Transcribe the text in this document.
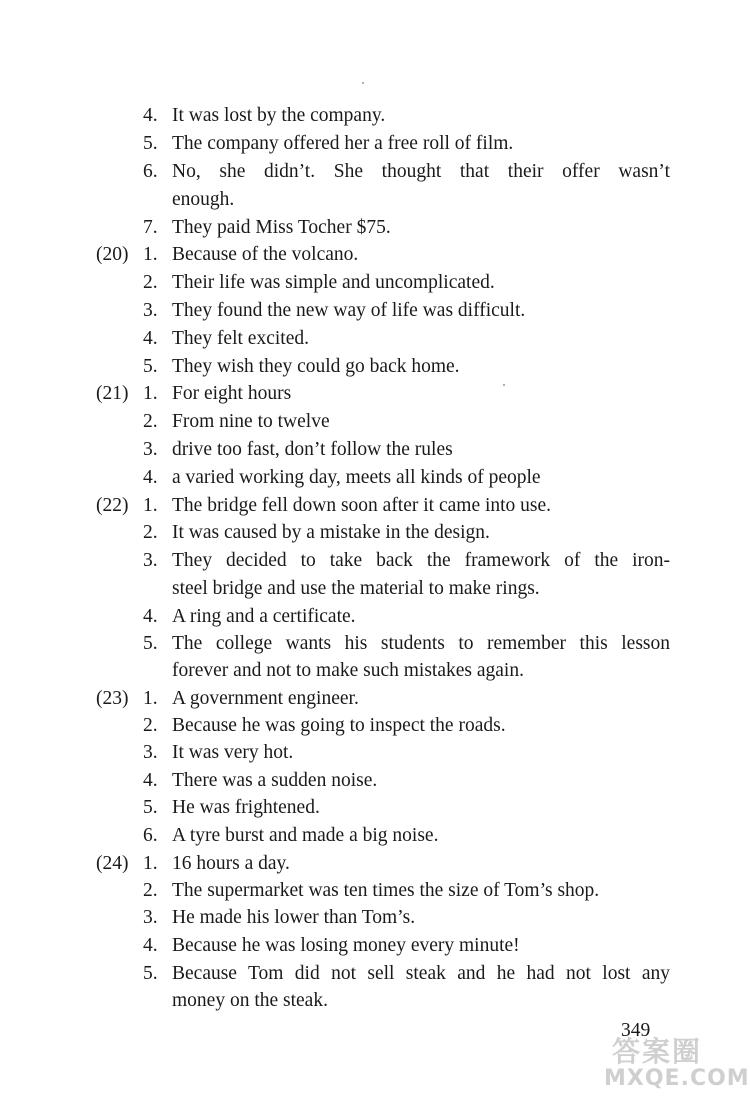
4. It was lost by the company.
5. The company offered her a free roll of film.
6. No, she didn’t. She thought that their offer wasn’t
enough.
7. They paid Miss Tocher $75.
(20) 1. Because of the volcano.
2. Their life was simple and uncomplicated.
3. They found the new way of life was difficult.
4. They felt excited.
5. They wish they could go back home.
(21) 1. For eight hours
2. From nine to twelve
3. drive too fast, don’t follow the rules
4. a varied working day, meets all kinds of people
(22) 1. The bridge fell down soon after it came into use.
2. It was caused by a mistake in the design.
3. They decided to take back the framework of the iron-
steel bridge and use the material to make rings.
4. A ring and a certificate.
5. The college wants his students to remember this lesson
forever and not to make such mistakes again.
(23) 1. A government engineer.
2. Because he was going to inspect the roads.
3. It was very hot.
4. There was a sudden noise.
5. He was frightened.
6. A tyre burst and made a big noise.
(24) 1. 16 hours a day.
2. The supermarket was ten times the size of Tom’s shop.
3. He made his lower than Tom’s.
4. Because he was losing money every minute!
5. Because Tom did not sell steak and he had not lost any
money on the steak.
349
答案圈
MXQE.COM
